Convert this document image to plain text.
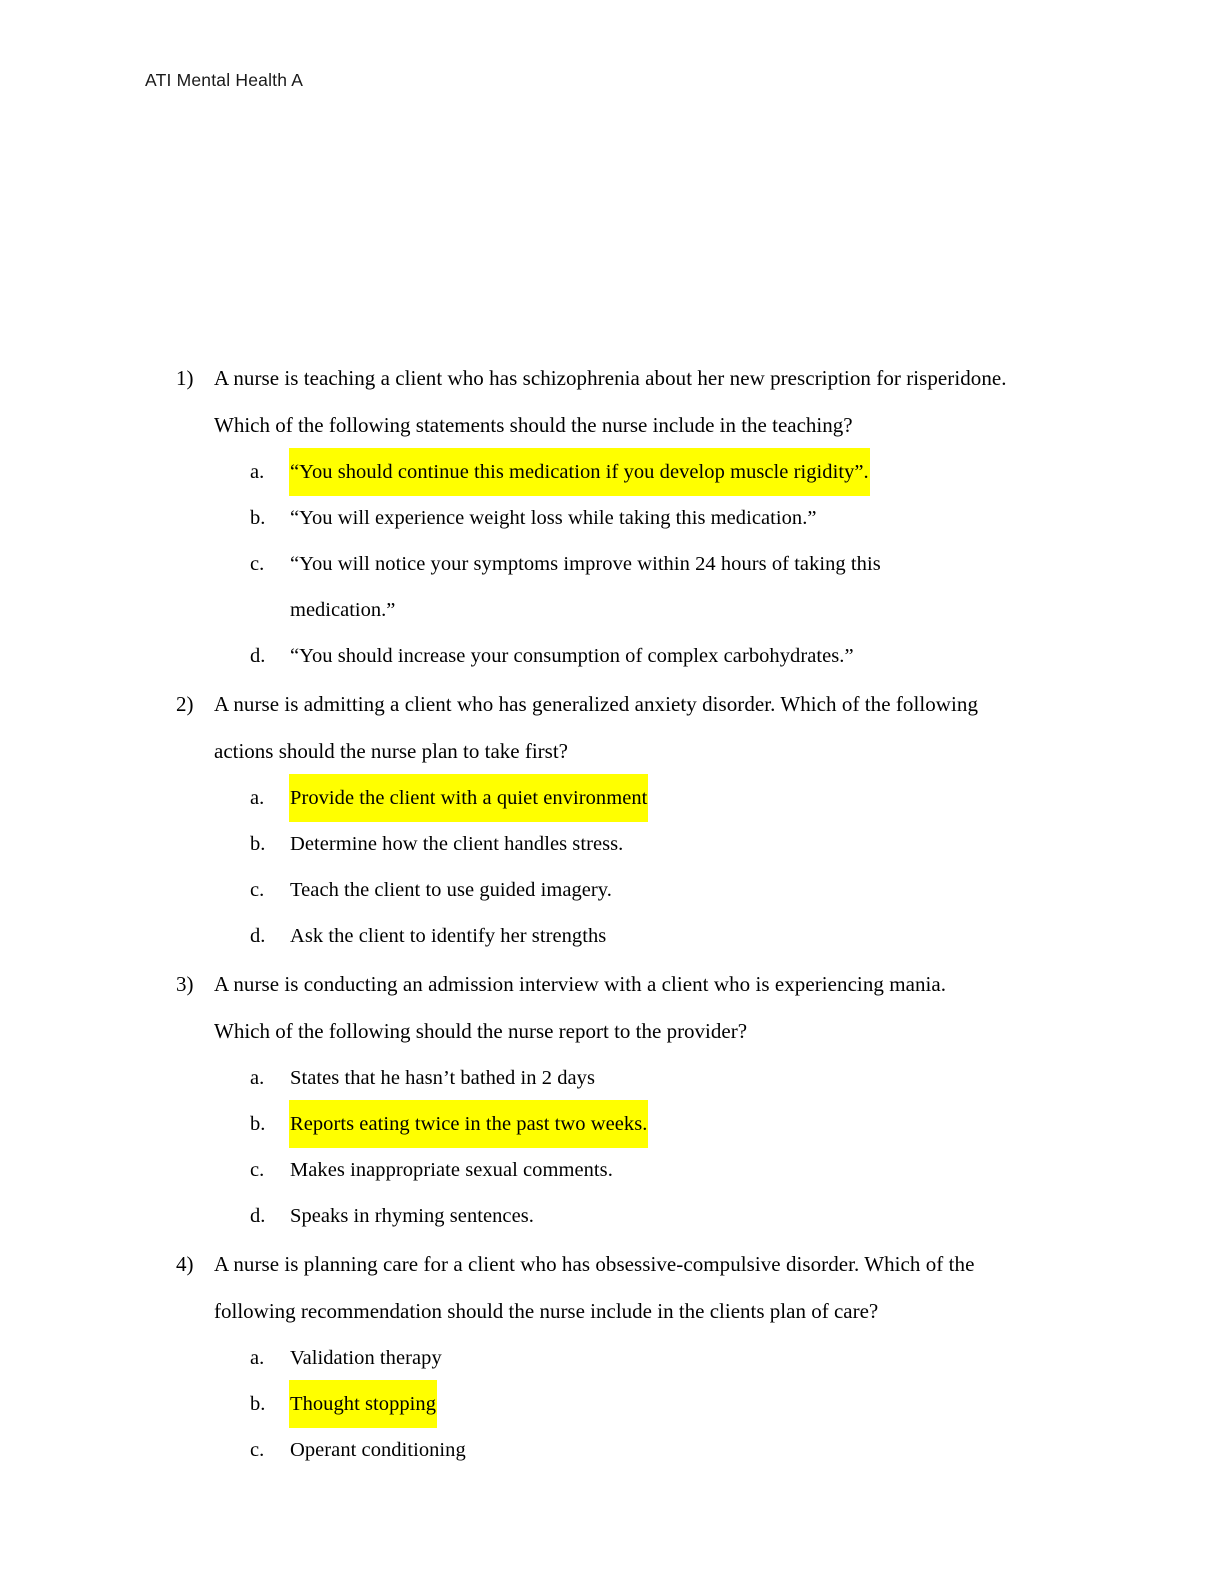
ATI Mental Health A
1) A nurse is teaching a client who has schizophrenia about her new prescription for risperidone.
Which of the following statements should the nurse include in the teaching?
a.	“You should continue this medication if you develop muscle rigidity”.
b.	“You will experience weight loss while taking this medication.”
c.	“You will notice your symptoms improve within 24 hours of taking this
medication.”
d.	“You should increase your consumption of complex carbohydrates.”
2) A nurse is admitting a client who has generalized anxiety disorder. Which of the following
actions should the nurse plan to take first?
a.	Provide the client with a quiet environment
b.	Determine how the client handles stress.
c.	Teach the client to use guided imagery.
d.	Ask the client to identify her strengths
3) A nurse is conducting an admission interview with a client who is experiencing mania.
Which of the following should the nurse report to the provider?
a.	States that he hasn’t bathed in 2 days
b.	Reports eating twice in the past two weeks.
c.	Makes inappropriate sexual comments.
d.	Speaks in rhyming sentences.
4) A nurse is planning care for a client who has obsessive-compulsive disorder. Which of the
following recommendation should the nurse include in the clients plan of care?
a.	Validation therapy
b.	Thought stopping
c.	Operant conditioning
